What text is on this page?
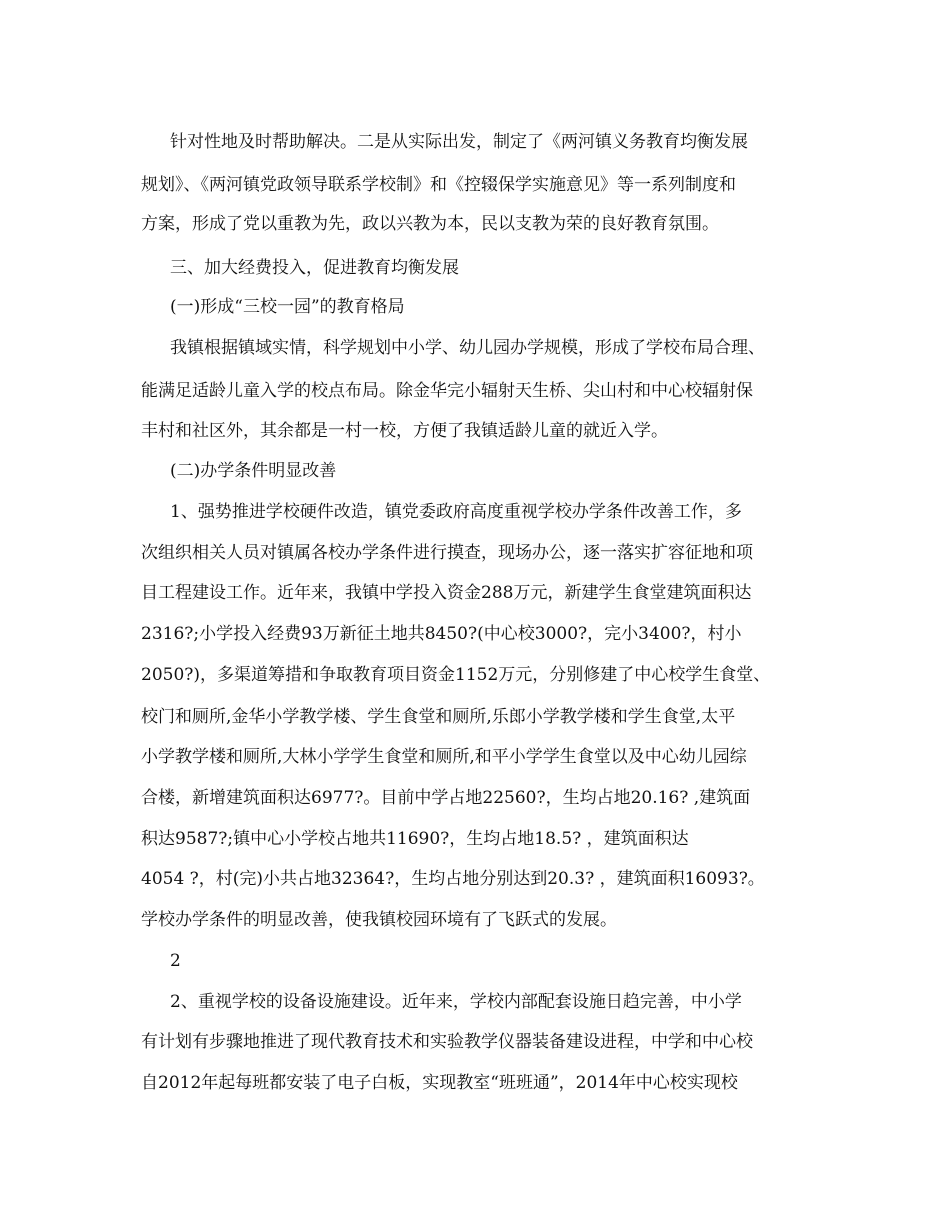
针对性地及时帮助解决。二是从实际出发，制定了《两河镇义务教育均衡发展
规划》、《两河镇党政领导联系学校制》和《控辍保学实施意见》等一系列制度和
方案，形成了党以重教为先，政以兴教为本，民以支教为荣的良好教育氛围。
三、加大经费投入，促进教育均衡发展
(一)形成“三校一园”的教育格局
我镇根据镇域实情，科学规划中小学、幼儿园办学规模，形成了学校布局合理、
能满足适龄儿童入学的校点布局。除金华完小辐射天生桥、尖山村和中心校辐射保
丰村和社区外，其余都是一村一校，方便了我镇适龄儿童的就近入学。
(二)办学条件明显改善
1、强势推进学校硬件改造，镇党委政府高度重视学校办学条件改善工作，多
次组织相关人员对镇属各校办学条件进行摸查，现场办公，逐一落实扩容征地和项
目工程建设工作。近年来，我镇中学投入资金288万元，新建学生食堂建筑面积达
2316?;小学投入经费93万新征土地共8450?(中心校3000?，完小3400?，村小
2050?)，多渠道筹措和争取教育项目资金1152万元，分别修建了中心校学生食堂、
校门和厕所,金华小学教学楼、学生食堂和厕所,乐郎小学教学楼和学生食堂,太平
小学教学楼和厕所,大林小学学生食堂和厕所,和平小学学生食堂以及中心幼儿园综
合楼，新增建筑面积达6977?。目前中学占地22560?，生均占地20.16? ,建筑面
积达9587?;镇中心小学校占地共11690?，生均占地18.5? ，建筑面积达
4054 ?，村(完)小共占地32364?，生均占地分别达到20.3? ，建筑面积16093?。
学校办学条件的明显改善，使我镇校园环境有了飞跃式的发展。
2
2、重视学校的设备设施建设。近年来，学校内部配套设施日趋完善，中小学
有计划有步骤地推进了现代教育技术和实验教学仪器装备建设进程，中学和中心校
自2012年起每班都安装了电子白板，实现教室“班班通”，2014年中心校实现校
